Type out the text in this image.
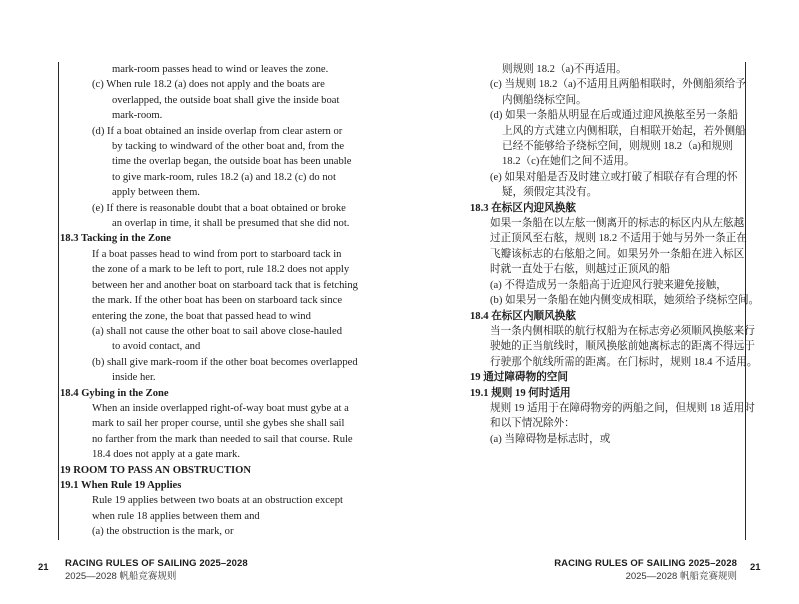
mark-room passes head to wind or leaves the zone.

(c) When rule 18.2 (a) does not apply and the boats are

overlapped, the outside boat shall give the inside boat

mark-room.

(d) If a boat obtained an inside overlap from clear astern or

by tacking to windward of the other boat and, from the

time the overlap began, the outside boat has been unable

to give mark-room, rules 18.2 (a) and 18.2 (c) do not

apply between them.

(e) If there is reasonable doubt that a boat obtained or broke

an overlap in time, it shall be presumed that she did not.

18.3 Tacking in the Zone

If a boat passes head to wind from port to starboard tack in

the zone of a mark to be left to port, rule 18.2 does not apply

between her and another boat on starboard tack that is fetching

the mark. If the other boat has been on starboard tack since

entering the zone, the boat that passed head to wind

(a) shall not cause the other boat to sail above close-hauled

to avoid contact, and

(b) shall give mark-room if the other boat becomes overlapped

inside her.

18.4 Gybing in the Zone

When an inside overlapped right-of-way boat must gybe at a

mark to sail her proper course, until she gybes she shall sail

no farther from the mark than needed to sail that course. Rule

18.4 does not apply at a gate mark.

19 ROOM TO PASS AN OBSTRUCTION

19.1 When Rule 19 Applies

Rule 19 applies between two boats at an obstruction except

when rule 18 applies between them and

(a) the obstruction is the mark, or

则规则 18.2（a)不再适用。

(c) 当规则 18.2（a)不适用且两船相联时，外侧船须给予

内侧船绕标空间。

(d) 如果一条船从明显在后或通过迎风换舷至另一条船

上风的方式建立内侧相联，自相联开始起，若外侧船

已经不能够给予绕标空间，则规则 18.2（a)和规则

18.2（c)在她们之间不适用。

(e) 如果对船是否及时建立或打破了相联存有合理的怀

疑，须假定其没有。

18.3 在标区内迎风换舷

如果一条船在以左舷一侧离开的标志的标区内从左舷越

过正顶风至右舷，规则 18.2 不适用于她与另外一条正在

飞瓣该标志的右舷船之间。如果另外一条船在进入标区

时就一直处于右舷，则越过正顶风的船

(a) 不得造成另一条船高于近迎风行驶来避免接触，

(b) 如果另一条船在她内侧变成相联，她须给予绕标空间。

18.4 在标区内顺风换舷

当一条内侧相联的航行权船为在标志旁必须顺风换舷来行

驶她的正当航线时，顺风换舷前她离标志的距离不得远于

行驶那个航线所需的距离。在门标时，规则 18.4 不适用。

19 通过障碍物的空间

19.1 规则 19 何时适用

规则 19 适用于在障碍物旁的两船之间，但规则 18 适用时

和以下情况除外：

(a) 当障碍物是标志时，或

21 RACING RULES OF SAILING 2025–2028
2025—2028 帆船竞赛规则
RACING RULES OF SAILING 2025–2028
2025—2028 帆船竞赛规则
21
